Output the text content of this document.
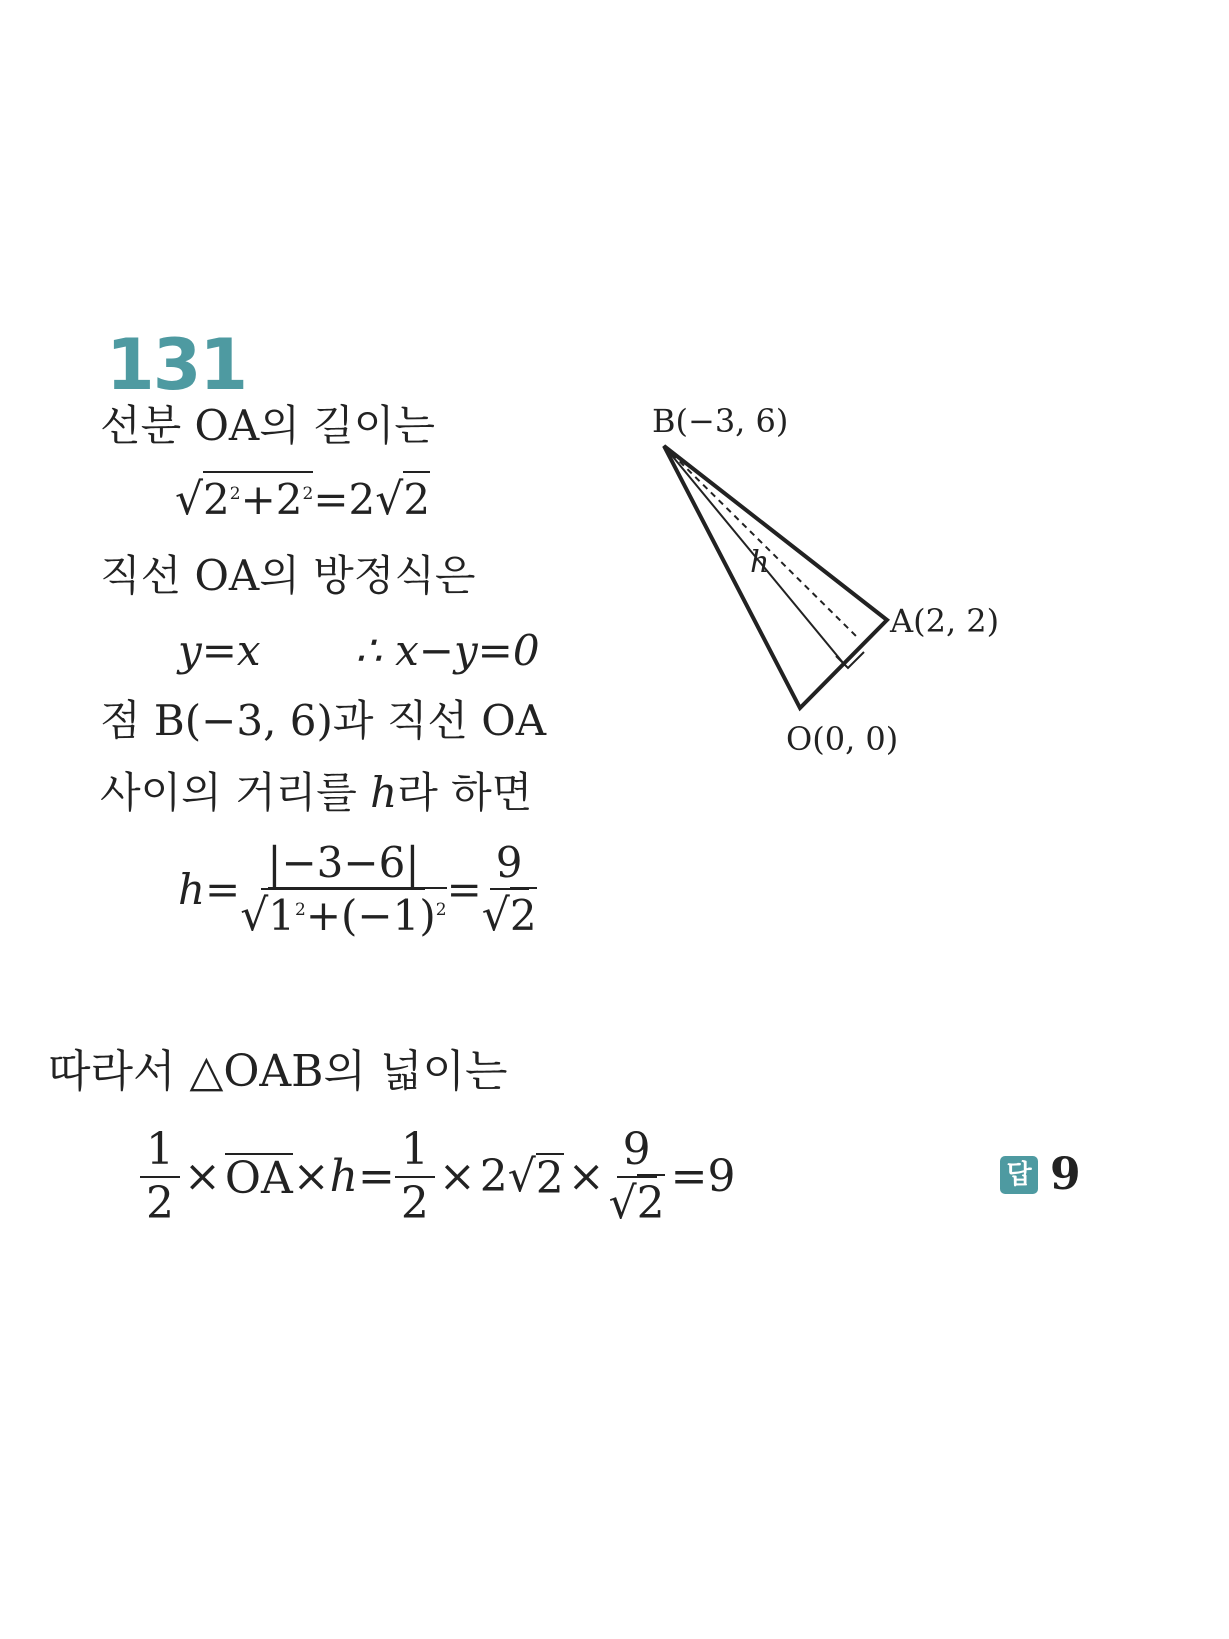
131
선분 OA의 길이는
$√2^2+2^2=2√2$
직선 OA의 방정식은
y=x ∴ x−y=0
점 B(−3, 6)과 직선 OA
사이의 거리를 h라 하면
$h= \frac{|-3-6|}{√1^2+(-1)^2} = \frac{9}{√2}$
따라서 △OAB의 넓이는
$\frac{1}{2}$ × OA × $h = \frac{1}{2} \times 2$ √ $2 \times \frac{9}{√2} =9$	답 9
B(−3, 6)
A(2, 2)
O(0, 0)
h
